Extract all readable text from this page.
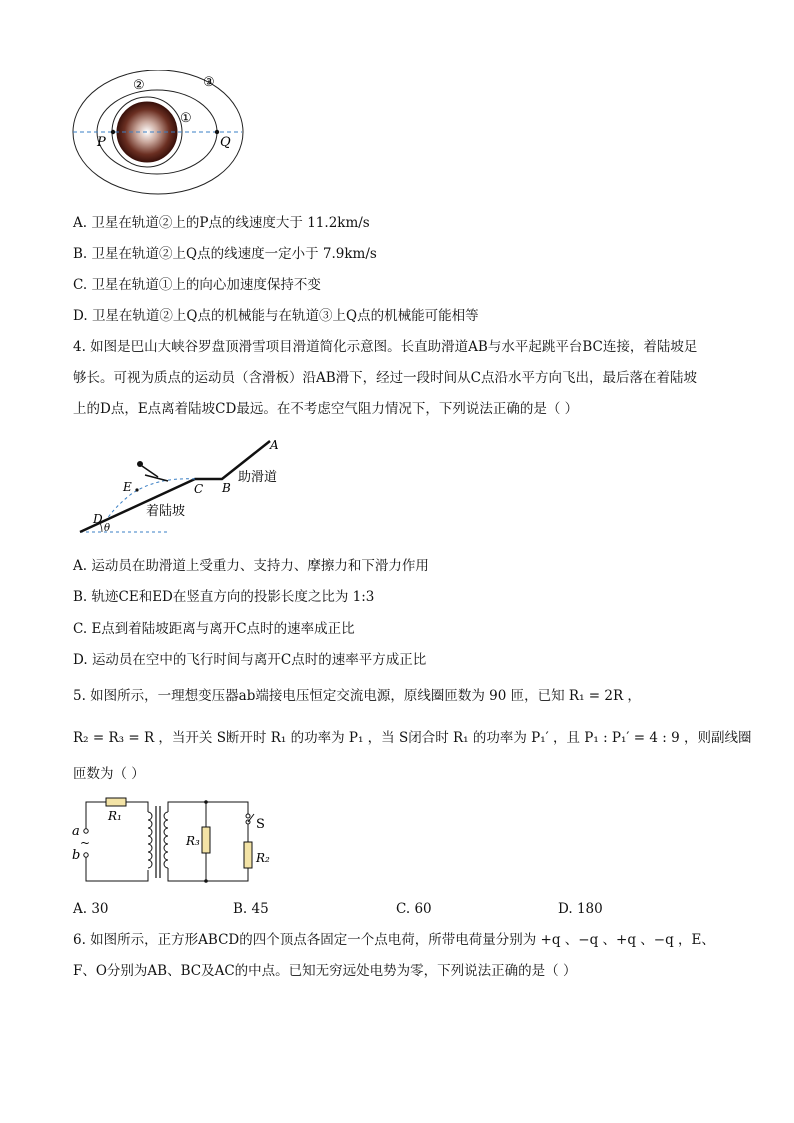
②	③
①
P	Q
A. 卫星在轨道②上的P点的线速度大于 11.2km/s
B. 卫星在轨道②上Q点的线速度一定小于 7.9km/s
C. 卫星在轨道①上的向心加速度保持不变
D. 卫星在轨道②上Q点的机械能与在轨道③上Q点的机械能可能相等
4. 如图是巴山大峡谷罗盘顶滑雪项目滑道简化示意图。长直助滑道AB与水平起跳平台BC连接，着陆坡足
够长。可视为质点的运动员（含滑板）沿AB滑下，经过一段时间从C点沿水平方向飞出，最后落在着陆坡
上的D点，E点离着陆坡CD最远。在不考虑空气阻力情况下，下列说法正确的是（ ）
A
B
C
D
E
θ
助滑道
着陆坡
A. 运动员在助滑道上受重力、支持力、摩擦力和下滑力作用
B. 轨迹CE和ED在竖直方向的投影长度之比为 1:3
C. E点到着陆坡距离与离开C点时的速率成正比
D. 运动员在空中的飞行时间与离开C点时的速率平方成正比
5. 如图所示，一理想变压器ab端接电压恒定交流电源，原线圈匝数为 90 匝，已知 R₁ = 2R ，
R₂ = R₃ = R ，当开关 S断开时 R₁ 的功率为 P₁ ，当 S闭合时 R₁ 的功率为 P₁′ ，且 P₁ : P₁′ = 4 : 9 ，则副线圈
匝数为（ ）
a
b
~
R₁
R₃
R₂
S
A. 30	B. 45	C. 60	D. 180
6. 如图所示，正方形ABCD的四个顶点各固定一个点电荷，所带电荷量分别为 +q 、−q 、+q 、−q ，E、
F、O分别为AB、BC及AC的中点。已知无穷远处电势为零，下列说法正确的是（ ）
